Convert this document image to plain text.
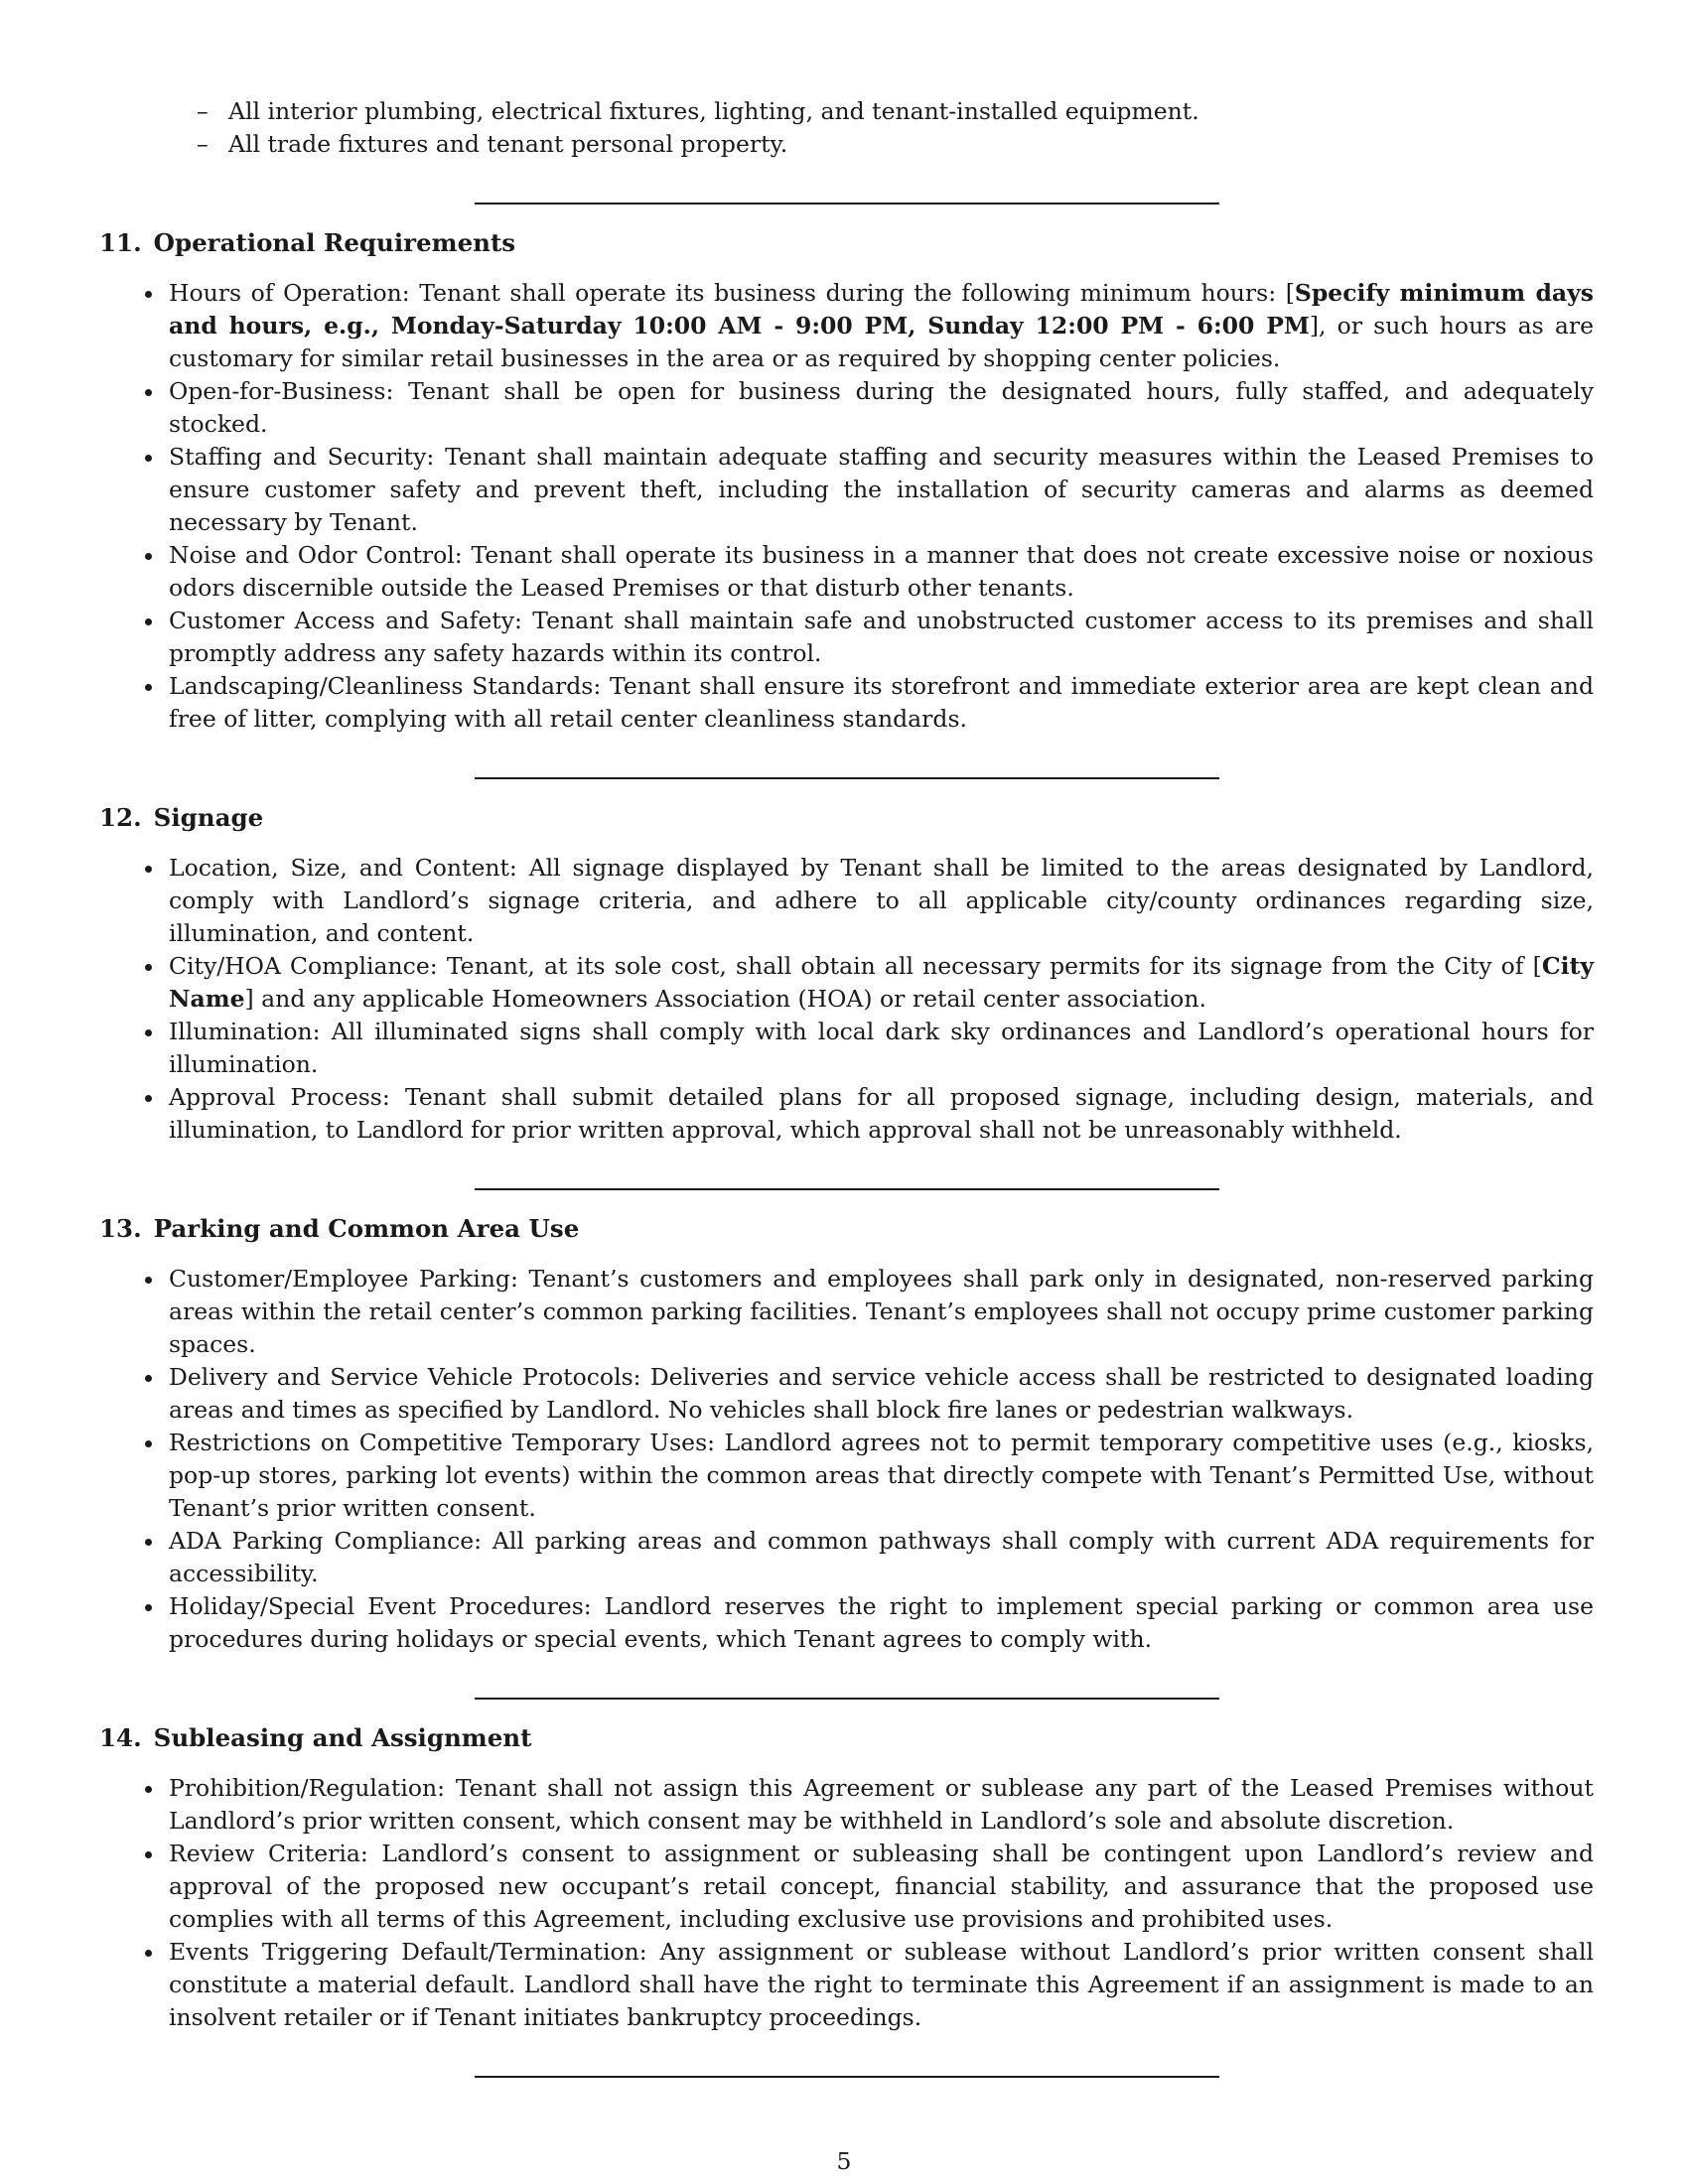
– All interior plumbing, electrical fixtures, lighting, and tenant-installed equipment.
– All trade fixtures and tenant personal property.
11. Operational Requirements
Hours of Operation: Tenant shall operate its business during the following minimum hours: [Specify minimum days and hours, e.g., Monday-Saturday 10:00 AM - 9:00 PM, Sunday 12:00 PM - 6:00 PM], or such hours as are customary for similar retail businesses in the area or as required by shopping center policies.
Open-for-Business: Tenant shall be open for business during the designated hours, fully staffed, and adequately stocked.
Staffing and Security: Tenant shall maintain adequate staffing and security measures within the Leased Premises to ensure customer safety and prevent theft, including the installation of security cameras and alarms as deemed necessary by Tenant.
Noise and Odor Control: Tenant shall operate its business in a manner that does not create excessive noise or noxious odors discernible outside the Leased Premises or that disturb other tenants.
Customer Access and Safety: Tenant shall maintain safe and unobstructed customer access to its premises and shall promptly address any safety hazards within its control.
Landscaping/Cleanliness Standards: Tenant shall ensure its storefront and immediate exterior area are kept clean and free of litter, complying with all retail center cleanliness standards.
12. Signage
Location, Size, and Content: All signage displayed by Tenant shall be limited to the areas designated by Landlord, comply with Landlord’s signage criteria, and adhere to all applicable city/county ordinances regarding size, illumination, and content.
City/HOA Compliance: Tenant, at its sole cost, shall obtain all necessary permits for its signage from the City of [City Name] and any applicable Homeowners Association (HOA) or retail center association.
Illumination: All illuminated signs shall comply with local dark sky ordinances and Landlord’s operational hours for illumination.
Approval Process: Tenant shall submit detailed plans for all proposed signage, including design, materials, and illumination, to Landlord for prior written approval, which approval shall not be unreasonably withheld.
13. Parking and Common Area Use
Customer/Employee Parking: Tenant’s customers and employees shall park only in designated, non-reserved parking areas within the retail center’s common parking facilities. Tenant’s employees shall not occupy prime customer parking spaces.
Delivery and Service Vehicle Protocols: Deliveries and service vehicle access shall be restricted to designated loading areas and times as specified by Landlord. No vehicles shall block fire lanes or pedestrian walkways.
Restrictions on Competitive Temporary Uses: Landlord agrees not to permit temporary competitive uses (e.g., kiosks, pop-up stores, parking lot events) within the common areas that directly compete with Tenant’s Permitted Use, without Tenant’s prior written consent.
ADA Parking Compliance: All parking areas and common pathways shall comply with current ADA requirements for accessibility.
Holiday/Special Event Procedures: Landlord reserves the right to implement special parking or common area use procedures during holidays or special events, which Tenant agrees to comply with.
14. Subleasing and Assignment
Prohibition/Regulation: Tenant shall not assign this Agreement or sublease any part of the Leased Premises without Landlord’s prior written consent, which consent may be withheld in Landlord’s sole and absolute discretion.
Review Criteria: Landlord’s consent to assignment or subleasing shall be contingent upon Landlord’s review and approval of the proposed new occupant’s retail concept, financial stability, and assurance that the proposed use complies with all terms of this Agreement, including exclusive use provisions and prohibited uses.
Events Triggering Default/Termination: Any assignment or sublease without Landlord’s prior written consent shall constitute a material default. Landlord shall have the right to terminate this Agreement if an assignment is made to an insolvent retailer or if Tenant initiates bankruptcy proceedings.
5
